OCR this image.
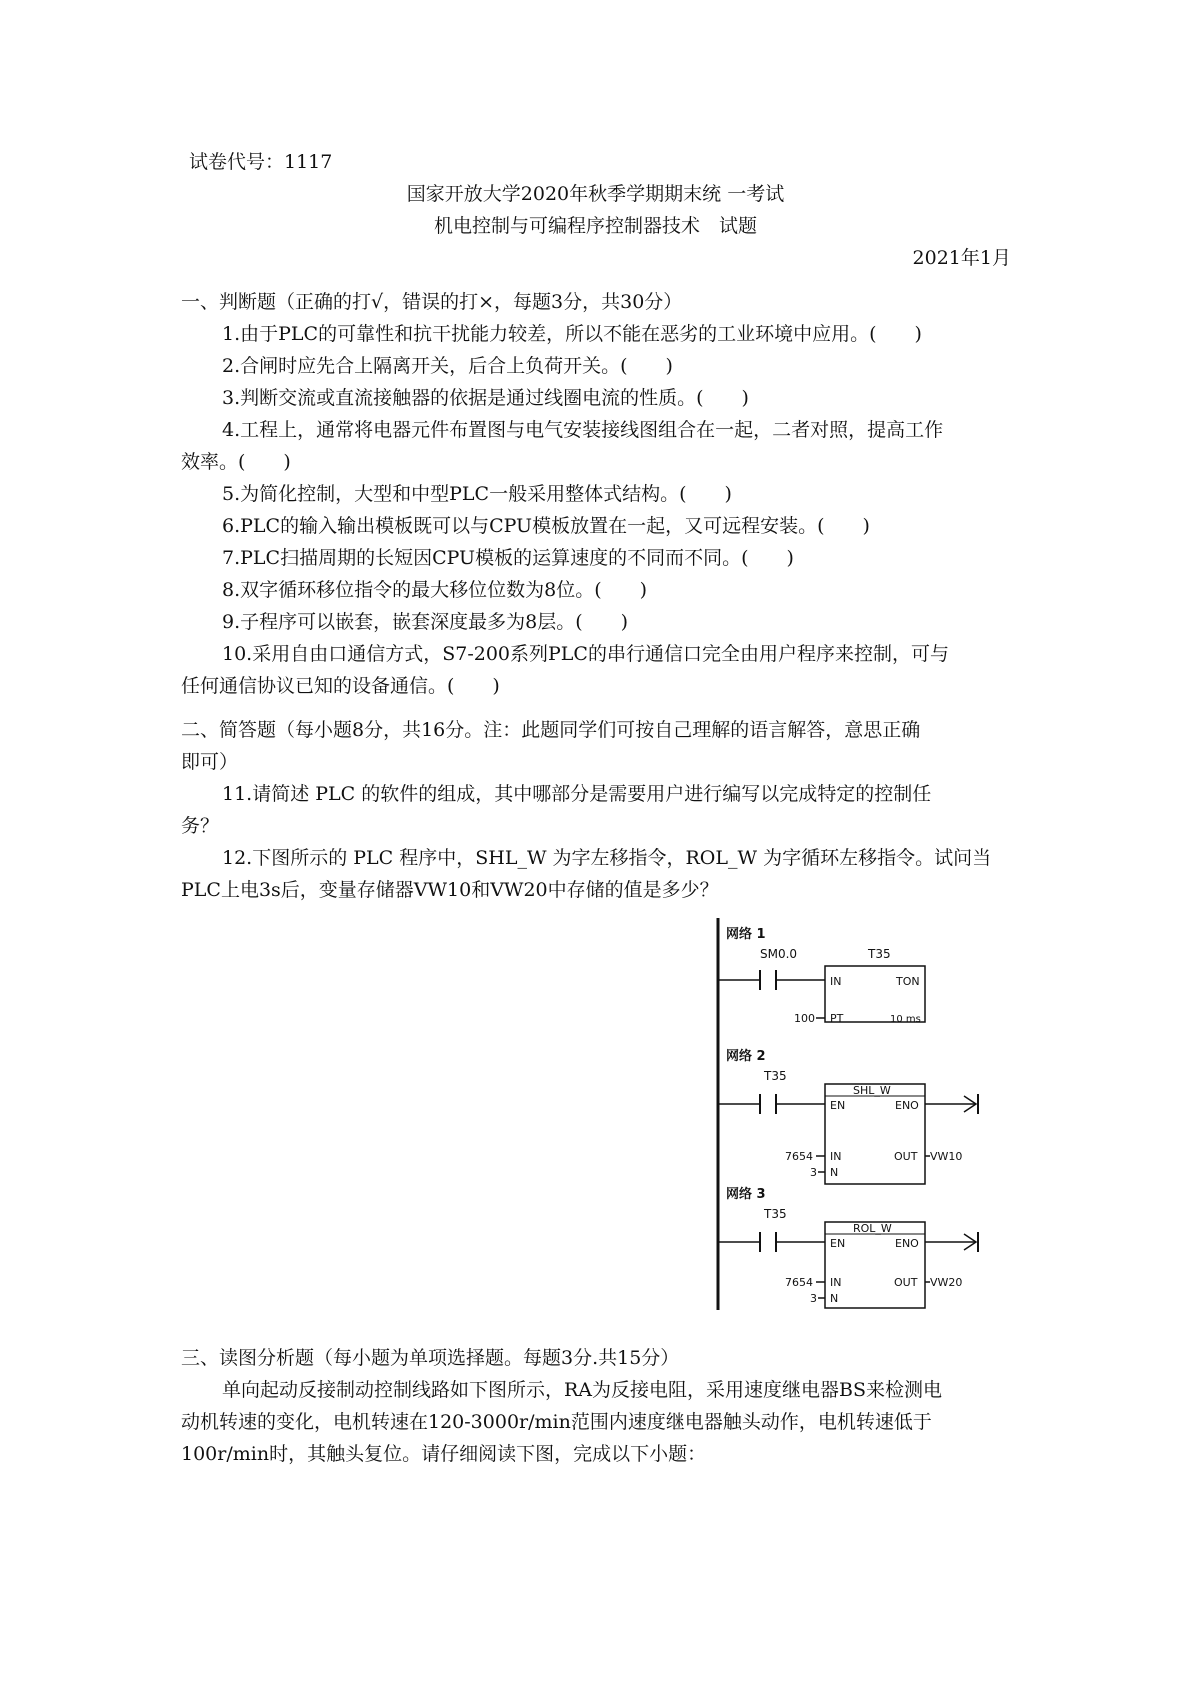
试卷代号：1117
国家开放大学2020年秋季学期期末统 一考试
机电控制与可编程序控制器技术　试题
2021年1月
一、判断题（正确的打√，错误的打×，每题3分，共30分）
1.由于PLC的可靠性和抗干扰能力较差，所以不能在恶劣的工业环境中应用。(　　)
2.合闸时应先合上隔离开关，后合上负荷开关。(　　)
3.判断交流或直流接触器的依据是通过线圈电流的性质。(　　)
4.工程上，通常将电器元件布置图与电气安装接线图组合在一起，二者对照，提高工作
效率。(　　)
5.为简化控制，大型和中型PLC一般采用整体式结构。(　　)
6.PLC的输入输出模板既可以与CPU模板放置在一起，又可远程安装。(　　)
7.PLC扫描周期的长短因CPU模板的运算速度的不同而不同。(　　)
8.双字循环移位指令的最大移位位数为8位。(　　)
9.子程序可以嵌套，嵌套深度最多为8层。(　　)
10.采用自由口通信方式，S7-200系列PLC的串行通信口完全由用户程序来控制，可与
任何通信协议已知的设备通信。(　　)
二、简答题（每小题8分，共16分。注：此题同学们可按自己理解的语言解答，意思正确
即可）
11.请简述 PLC 的软件的组成，其中哪部分是需要用户进行编写以完成特定的控制任
务？
12.下图所示的 PLC 程序中，SHL_W 为字左移指令，ROL_W 为字循环左移指令。试问当
PLC上电3s后，变量存储器VW10和VW20中存储的值是多少？
网络 1
SM0.0	T35
IN	TON
100 PT	10 ms
网络 2
T35
SHL_W
EN	ENO
7654 IN	OUT VW10
3 N
网络 3
T35
ROL_W
EN	ENO
7654 IN	OUT VW20
3 N
三、读图分析题（每小题为单项选择题。每题3分.共15分）
单向起动反接制动控制线路如下图所示，RA为反接电阻，采用速度继电器BS来检测电
动机转速的变化，电机转速在120-3000r/min范围内速度继电器触头动作，电机转速低于
100r/min时，其触头复位。请仔细阅读下图，完成以下小题：
